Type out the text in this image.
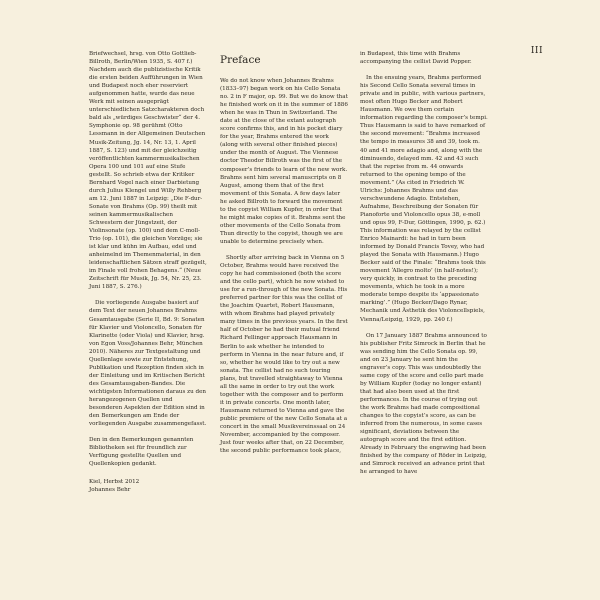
III

Briefwechsel, hrsg. von Otto Gottlieb-Billroth, Berlin/Wien 1935, S. 407 f.) Nachdem auch die publizistische Kritik die ersten beiden Aufführungen in Wien und Budapest noch eher reserviert aufgenommen hatte, wurde das neue Werk mit seinen ausgeprägt unterschiedlichen Satzcharakteren doch bald als „würdiges Geschwister“ der 4. Symphonie op. 98 gerühmt (Otto Lessmann in der Allgemeinen Deutschen Musik-Zeitung, Jg. 14, Nr. 13, 1. April 1887, S. 123) und mit der gleichzeitig veröffentlichten kammermusikalischen Opera 100 und 101 auf eine Stufe gestellt. So schrieb etwa der Kritiker Bernhard Vogel nach einer Darbietung durch Julius Klengel und Willy Rehberg am 12. Juni 1887 in Leipzig: „Die F-dur-Sonate von Brahms (Op. 99) theilt mit seinen kammermusikalischen Schwestern der Jüngstzeit, der Violinsonate (op. 100) und dem C-moll-Trio (op. 101), die gleichen Vorzüge; sie ist klar und kühn im Aufbau, edel und anheimelnd im Themenmaterial, in den leidenschaftlichen Sätzen straff gezügelt, im Finale voll frohen Behagens.“ (Neue Zeitschrift für Musik, Jg. 54, Nr. 25, 23. Juni 1887, S. 276.)

Die vorliegende Ausgabe basiert auf dem Text der neuen Johannes Brahms Gesamtausgabe (Serie II, Bd. 9: Sonaten für Klavier und Violoncello, Sonaten für Klarinette (oder Viola) und Klavier, hrsg. von Egon Voss/Johannes Behr, München 2010). Näheres zur Textgestaltung und Quellenlage sowie zur Entstehung, Publikation und Rezeption finden sich in der Einleitung und im Kritischen Bericht des Gesamtausgaben-Bandes. Die wichtigsten Informationen daraus zu den herangezogenen Quellen und besonderen Aspekten der Edition sind in den Bemerkungen am Ende der vorliegenden Ausgabe zusammengefasst.

Den in den Bemerkungen genannten Bibliotheken sei für freundlich zur Verfügung gestellte Quellen und Quellenkopien gedankt.

Kiel, Herbst 2012
Johannes Behr
Preface

We do not know when Johannes Brahms (1833–97) began work on his Cello Sonata no. 2 in F major, op. 99. But we do know that he finished work on it in the summer of 1886 when he was in Thun in Switzerland. The date at the close of the extant autograph score confirms this, and in his pocket diary for the year, Brahms entered the work (along with several other finished pieces) under the month of August. The Viennese doctor Theodor Billroth was the first of the composer’s friends to learn of the new work. Brahms sent him several manuscripts on 8 August, among them that of the first movement of this Sonata. A few days later he asked Billroth to forward the movement to the copyist William Kupfer, in order that he might make copies of it. Brahms sent the other movements of the Cello Sonata from Thun directly to the copyist, though we are unable to determine precisely when.

Shortly after arriving back in Vienna on 5 October, Brahms would have received the copy he had commissioned (both the score and the cello part), which he now wished to use for a run-through of the new Sonata. His preferred partner for this was the cellist of the Joachim Quartet, Robert Hausmann, with whom Brahms had played privately many times in the previous years. In the first half of October he had their mutual friend Richard Fellinger approach Hausmann in Berlin to ask whether he intended to perform in Vienna in the near future and, if so, whether he would like to try out a new sonata. The cellist had no such touring plans, but travelled straightaway to Vienna all the same in order to try out the work together with the composer and to perform it in private concerts. One month later, Hausmann returned to Vienna and gave the public premiere of the new Cello Sonata at a concert in the small Musikvereinssaal on 24 November, accompanied by the composer. Just four weeks after that, on 22 December, the second public performance took place,

in Budapest, this time with Brahms accompanying the cellist David Popper.

In the ensuing years, Brahms performed his Second Cello Sonata several times in private and in public, with various partners, most often Hugo Becker and Robert Hausmann. We owe them certain information regarding the composer’s tempi. Thus Hausmann is said to have remarked of the second movement: “Brahms increased the tempo in measures 38 and 39, took m. 40 and 41 more adagio and, along with the diminuendo, delayed mm. 42 and 43 such that the reprise from m. 44 onwards returned to the opening tempo of the movement.” (As cited in Friedrich W. Ulrichs: Johannes Brahms und das verschwundene Adagio. Entstehen, Aufnahme, Beschreibung der Sonaten für Pianoforte und Violoncello opus 38, e-moll und opus 99, F-Dur, Göttingen, 1990, p. 62.) This information was relayed by the cellist Enrico Mainardi: he had in turn been informed by Donald Francis Tovey, who had played the Sonata with Hausmann.) Hugo Becker said of the Finale: “Brahms took this movement ‘Allegro molto’ (in half-notes!); very quickly, in contrast to the preceding movements, which he took in a more moderate tempo despite its ‘appassionato marking’.” (Hugo Becker/Dago Rynar, Mechanik und Ästhetik des Violoncellspiels, Vienna/Leipzig, 1929, pp. 240 f.)

On 17 January 1887 Brahms announced to his publisher Fritz Simrock in Berlin that he was sending him the Cello Sonata op. 99, and on 23 January he sent him the engraver’s copy. This was undoubtedly the same copy of the score and cello part made by William Kupfer (today no longer extant) that had also been used at the first performances. In the course of trying out the work Brahms had made compositional changes to the copyist’s score, as can be inferred from the numerous, in some cases significant, deviations between the autograph score and the first edition. Already in February the engraving had been finished by the company of Röder in Leipzig, and Simrock received an advance print that he arranged to have
